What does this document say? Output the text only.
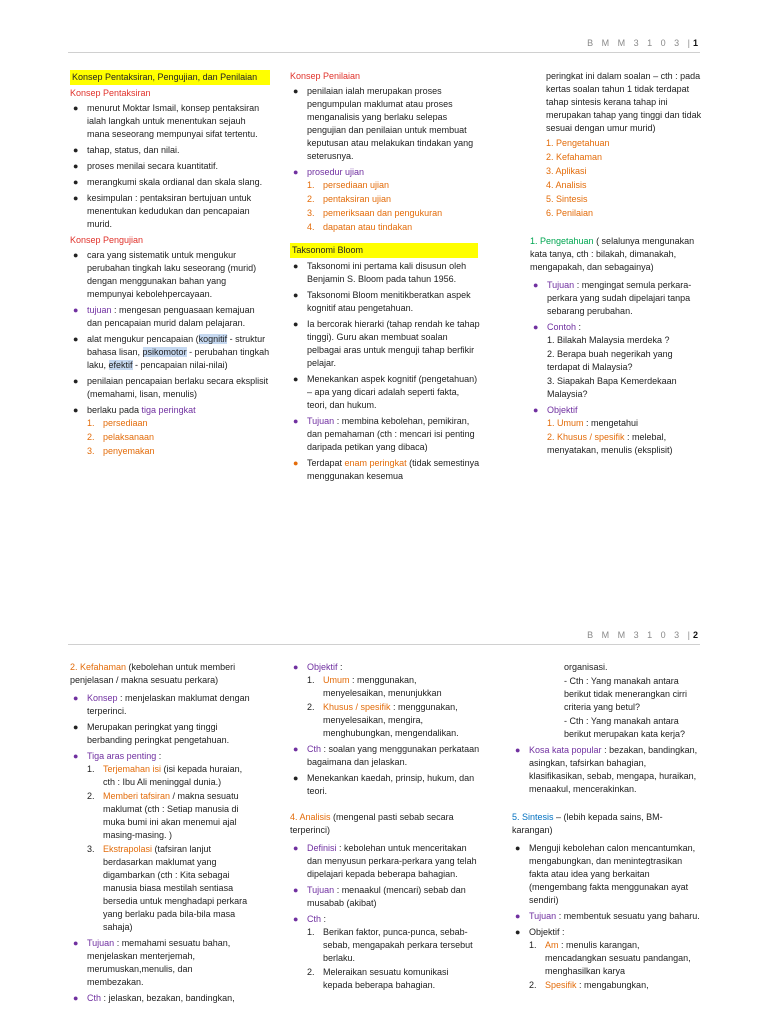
B M M 3 1 0 3 |1
Konsep Pentaksiran, Pengujian, dan Penilaian
Konsep Pentaksiran
● menurut Moktar Ismail, konsep pentaksiran ialah langkah untuk menentukan sejauh mana seseorang mempunyai sifat tertentu.
● tahap, status, dan nilai.
● proses menilai secara kuantitatif.
● merangkumi skala ordianal dan skala slang.
● kesimpulan : pentaksiran bertujuan untuk menentukan kedudukan dan pencapaian murid.
Konsep Pengujian
● cara yang sistematik untuk mengukur perubahan tingkah laku seseorang (murid) dengan menggunakan bahan yang mempunyai kebolehpercayaan.
● tujuan : mengesan penguasaan kemajuan dan pencapaian murid dalam pelajaran.
● alat mengukur pencapaian (kognitif - struktur bahasa lisan, psikomotor - perubahan tingkah laku, efektif - pencapaian nilai-nilai)
● penilaian pencapaian berlaku secara eksplisit (memahami, lisan, menulis)
● berlaku pada tiga peringkat
1. persediaan
2. pelaksanaan
3. penyemakan
Konsep Penilaian
● penilaian ialah merupakan proses pengumpulan maklumat atau proses menganalisis yang berlaku selepas pengujian dan penilaian untuk membuat keputusan atau melakukan tindakan yang seterusnya.
● prosedur ujian
1. persediaan ujian
2. pentaksiran ujian
3. pemeriksaan dan pengukuran
4. dapatan atau tindakan
Taksonomi Bloom
● Taksonomi ini pertama kali disusun oleh Benjamin S. Bloom pada tahun 1956.
● Taksonomi Bloom menitikberatkan aspek kognitif atau pengetahuan.
● Ia bercorak hierarki (tahap rendah ke tahap tinggi). Guru akan membuat soalan pelbagai aras untuk menguji tahap berfikir pelajar.
● Menekankan aspek kognitif (pengetahuan) – apa yang dicari adalah seperti fakta, teori, dan hukum.
● Tujuan : membina kebolehan, pemikiran, dan pemahaman (cth : mencari isi penting daripada petikan yang dibaca)
● Terdapat enam peringkat (tidak semestinya menggunakan kesemua
peringkat ini dalam soalan – cth : pada kertas soalan tahun 1 tidak terdapat tahap sintesis kerana tahap ini merupakan tahap yang tinggi dan tidak sesuai dengan umur murid)
1. Pengetahuan
2. Kefahaman
3. Aplikasi
4. Analisis
5. Sintesis
6. Penilaian
1. Pengetahuan ( selalunya mengunakan kata tanya, cth : bilakah, dimanakah, mengapakah, dan sebagainya)
● Tujuan : mengingat semula perkara-perkara yang sudah dipelajari tanpa sebarang perubahan.
● Contoh :
1. Bilakah Malaysia merdeka ?
2. Berapa buah negerikah yang terdapat di Malaysia?
3. Siapakah Bapa Kemerdekaan Malaysia?
● Objektif
1. Umum : mengetahui
2. Khusus / spesifik : melebal, menyatakan, menulis (eksplisit)
B M M 3 1 0 3 |2
2. Kefahaman (kebolehan untuk memberi penjelasan / makna sesuatu perkara)
● Konsep : menjelaskan maklumat dengan terperinci.
● Merupakan peringkat yang tinggi berbanding peringkat pengetahuan.
● Tiga aras penting :
1. Terjemahan isi (isi kepada huraian, cth : Ibu Ali meninggal dunia.)
2. Memberi tafsiran / makna sesuatu maklumat (cth : Setiap manusia di muka bumi ini akan menemui ajal masing-masing. )
3. Ekstrapolasi (tafsiran lanjut berdasarkan maklumat yang digambarkan (cth : Kita sebagai manusia biasa mestilah sentiasa bersedia untuk menghadapi perkara yang berlaku pada bila-bila masa sahaja)
● Tujuan : memahami sesuatu bahan, menjelaskan menterjemah, merumuskan,menulis, dan membezakan.
● Cth : jelaskan, bezakan, bandingkan,
● Objektif :
1. Umum : menggunakan, menyelesaikan, menunjukkan
2. Khusus / spesifik : menggunakan, menyelesaikan, mengira, menghubungkan, mengendalikan.
● Cth : soalan yang menggunakan perkataan bagaimana dan jelaskan.
● Menekankan kaedah, prinsip, hukum, dan teori.
4. Analisis (mengenal pasti sebab secara terperinci)
● Definisi : kebolehan untuk menceritakan dan menyusun perkara-perkara yang telah dipelajari kepada beberapa bahagian.
● Tujuan : menaakul (mencari) sebab dan musabab (akibat)
● Cth :
1. Berikan faktor, punca-punca, sebab-sebab, mengapakah perkara tersebut berlaku.
2. Meleraikan sesuatu komunikasi kepada beberapa bahagian.
organisasi.
- Cth : Yang manakah antara berikut tidak menerangkan cirri criteria yang betul?
- Cth : Yang manakah antara berikut merupakan kata kerja?
● Kosa kata popular : bezakan, bandingkan, asingkan, tafsirkan bahagian, klasifikasikan, sebab, mengapa, huraikan, menaakul, mencerakinkan.
5. Sintesis – (lebih kepada sains, BM-karangan)
● Menguji kebolehan calon mencantumkan, mengabungkan, dan menintegtrasikan fakta atau idea yang berkaitan (mengembang fakta menggunakan ayat sendiri)
● Tujuan : membentuk sesuatu yang baharu.
● Objektif :
1. Am : menulis karangan, mencadangkan sesuatu pandangan, menghasilkan karya
2. Spesifik : mengabungkan,
